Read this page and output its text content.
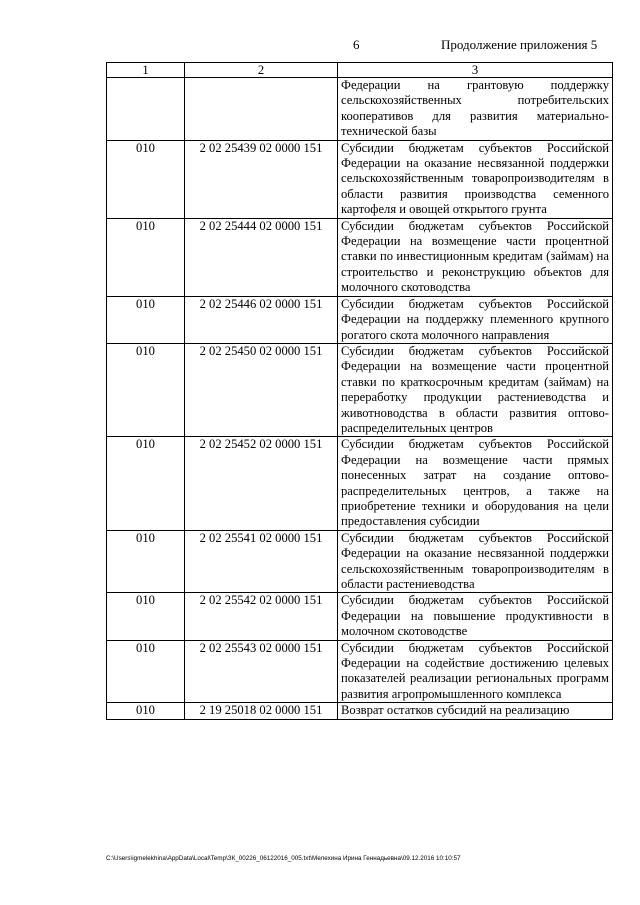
6	Продолжение приложения 5
1	2	3
		Федерации на грантовую поддержку сельскохозяйственных потребительских кооперативов для развития материально-технической базы
010	2 02 25439 02 0000 151	Субсидии бюджетам субъектов Российской Федерации на оказание несвязанной поддержки сельскохозяйственным товаропроизводителям в области развития производства семенного картофеля и овощей открытого грунта
010	2 02 25444 02 0000 151	Субсидии бюджетам субъектов Российской Федерации на возмещение части процентной ставки по инвестиционным кредитам (займам) на строительство и реконструкцию объектов для молочного скотоводства
010	2 02 25446 02 0000 151	Субсидии бюджетам субъектов Российской Федерации на поддержку племенного крупного рогатого скота молочного направления
010	2 02 25450 02 0000 151	Субсидии бюджетам субъектов Российской Федерации на возмещение части процентной ставки по краткосрочным кредитам (займам) на переработку продукции растениеводства и животноводства в области развития оптово-распределительных центров
010	2 02 25452 02 0000 151	Субсидии бюджетам субъектов Российской Федерации на возмещение части прямых понесенных затрат на создание оптово-распределительных центров, а также на приобретение техники и оборудования на цели предоставления субсидии
010	2 02 25541 02 0000 151	Субсидии бюджетам субъектов Российской Федерации на оказание несвязанной поддержки сельскохозяйственным товаропроизводителям в области растениеводства
010	2 02 25542 02 0000 151	Субсидии бюджетам субъектов Российской Федерации на повышение продуктивности в молочном скотоводстве
010	2 02 25543 02 0000 151	Субсидии бюджетам субъектов Российской Федерации на содействие достижению целевых показателей реализации региональных программ развития агропромышленного комплекса
010	2 19 25018 02 0000 151	Возврат остатков субсидий на реализацию
C:\Users\igmelekhina\AppData\Local\Temp\ЗК_00226_06122016_005.txt\Мелехина Ирина Геннадьевна\09.12.2016 10:10:57
